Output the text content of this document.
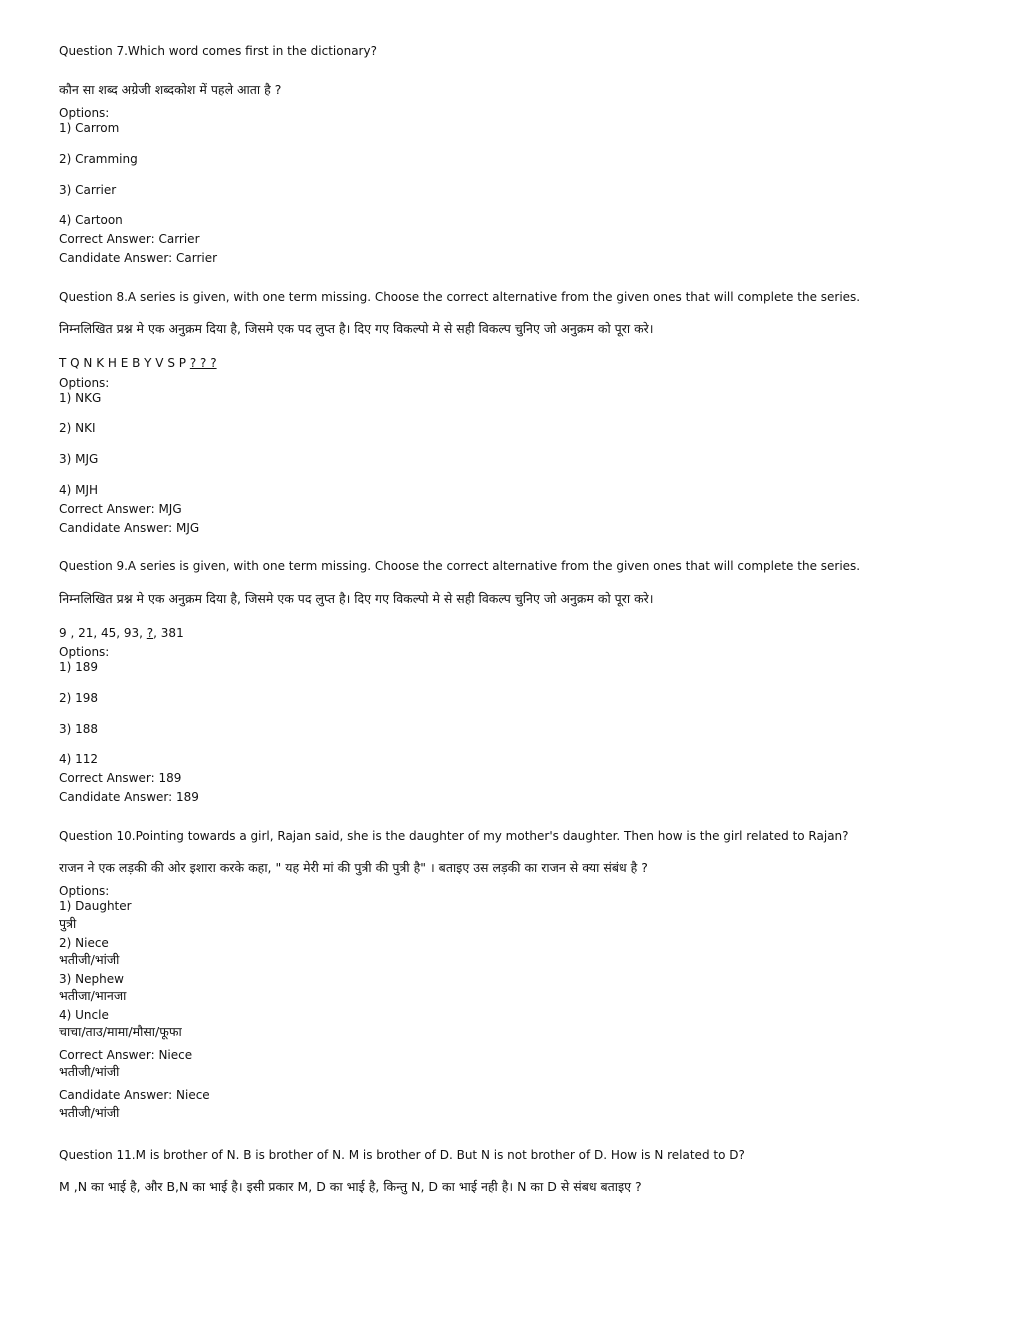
Question 7.Which word comes first in the dictionary?
कौन सा शब्द अग्रेजी शब्दकोश में पहले आता है ?
Options:
1) Carrom
2) Cramming
3) Carrier
4) Cartoon
Correct Answer: Carrier
Candidate Answer: Carrier
Question 8.A series is given, with one term missing. Choose the correct alternative from the given ones that will complete the series.
निम्नलिखित प्रश्न मे एक अनुक्रम दिया है, जिसमे एक पद लुप्त है। दिए गए विकल्पो मे से सही विकल्प चुनिए जो अनुक्रम को पूरा करे।
T Q N K H E B Y V S P ? ? ?
Options:
1) NKG
2) NKI
3) MJG
4) MJH
Correct Answer: MJG
Candidate Answer: MJG
Question 9.A series is given, with one term missing. Choose the correct alternative from the given ones that will complete the series.
निम्नलिखित प्रश्न मे एक अनुक्रम दिया है, जिसमे एक पद लुप्त है। दिए गए विकल्पो मे से सही विकल्प चुनिए जो अनुक्रम को पूरा करे।
9 , 21, 45, 93, ?, 381
Options:
1) 189
2) 198
3) 188
4) 112
Correct Answer: 189
Candidate Answer: 189
Question 10.Pointing towards a girl, Rajan said, she is the daughter of my mother's daughter. Then how is the girl related to Rajan?
राजन ने एक लड़की की ओर इशारा करके कहा, " यह मेरी मां की पुत्री की पुत्री है" । बताइए उस लड़की का राजन से क्या संबंध है ?
Options:
1) Daughter
पुत्री
2) Niece
भतीजी/भांजी
3) Nephew
भतीजा/भानजा
4) Uncle
चाचा/ताउ/मामा/मौसा/फूफा
Correct Answer: Niece
भतीजी/भांजी
Candidate Answer: Niece
भतीजी/भांजी
Question 11.M is brother of N. B is brother of N. M is brother of D. But N is not brother of D. How is N related to D?
M ,N का भाई है, और B,N का भाई है। इसी प्रकार M, D का भाई है, किन्तु N, D का भाई नही है। N का D से संबध बताइए ?
